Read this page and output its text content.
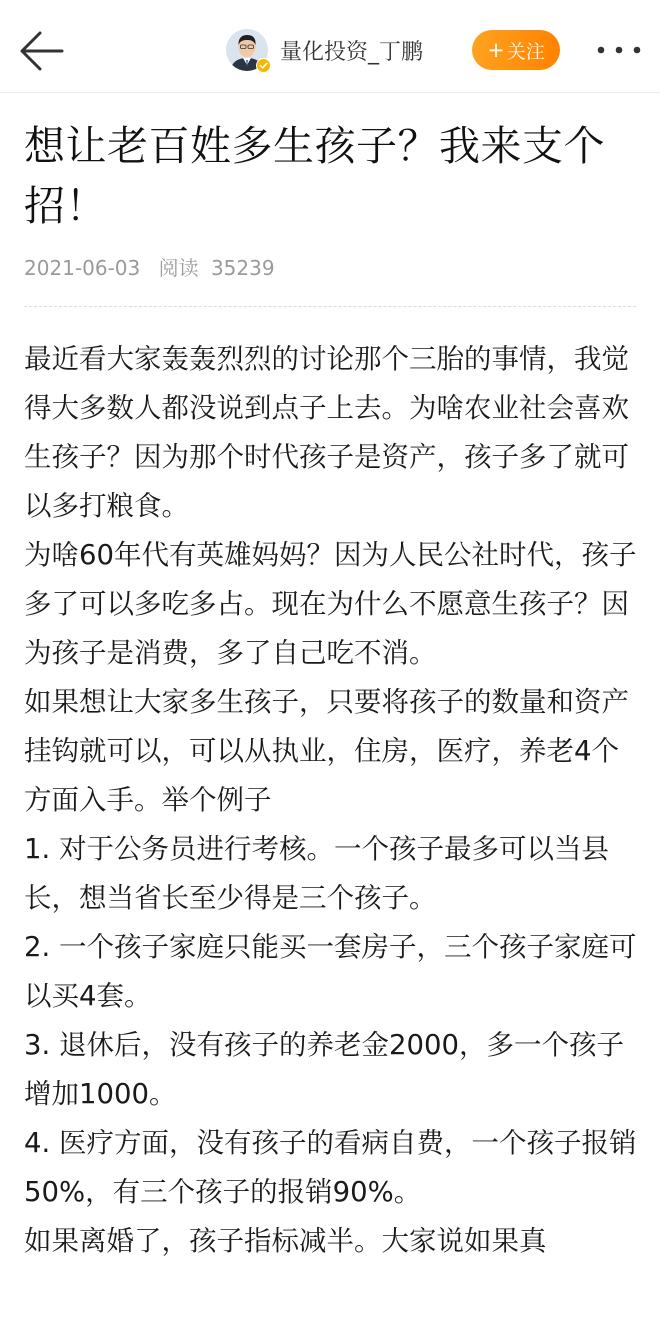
量化投资_丁鹏	+ 关注
想让老百姓多生孩子？我来支个招！
2021-06-03 阅读 35239

最近看大家轰轰烈烈的讨论那个三胎的事情，我觉得大多数人都没说到点子上去。为啥农业社会喜欢生孩子？因为那个时代孩子是资产，孩子多了就可以多打粮食。

为啥60年代有英雄妈妈？因为人民公社时代，孩子多了可以多吃多占。现在为什么不愿意生孩子？因为孩子是消费，多了自己吃不消。

如果想让大家多生孩子，只要将孩子的数量和资产挂钩就可以，可以从执业，住房，医疗，养老4个方面入手。举个例子

1. 对于公务员进行考核。一个孩子最多可以当县长，想当省长至少得是三个孩子。

2. 一个孩子家庭只能买一套房子，三个孩子家庭可以买4套。

3. 退休后，没有孩子的养老金2000，多一个孩子增加1000。

4. 医疗方面，没有孩子的看病自费，一个孩子报销50%，有三个孩子的报销90%。

如果离婚了，孩子指标减半。大家说如果真
